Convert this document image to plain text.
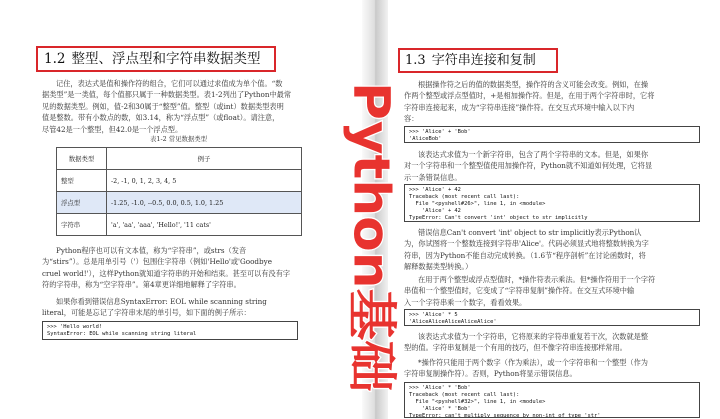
1.2 整型、浮点型和字符串数据类型
记住，表达式是值和操作符的组合，它们可以通过求值成为单个值。“数
据类型”是一类值，每个值都只属于一种数据类型。表1-2列出了Python中最常
见的数据类型。例如，值-2和30属于“整型”值。整型（或int）数据类型表明
值是整数。带有小数点的数，如3.14，称为“浮点型”（或float）。请注意，
尽管42是一个整型，但42.0是一个浮点型。
表1-2 常见数据类型
数据类型	例子
整型	-2, -1, 0, 1, 2, 3, 4, 5
浮点型	-1.25, -1.0, --0.5, 0.0, 0.5, 1.0, 1.25
字符串	'a', 'aa', 'aaa', 'Hello!', '11 cats'
Python程序也可以有文本值，称为“字符串”，或strs（发音
为“stirs”）。总是用单引号（'）包围住字符串（例如'Hello'或'Goodbye
cruel world!'），这样Python就知道字符串的开始和结束。甚至可以有没有字
符的字符串，称为“空字符串”。第4章更详细地解释了字符串。
如果你看到错误信息SyntaxError: EOL while scanning string
literal，可能是忘记了字符串末尾的单引号，如下面的例子所示：
>>> 'Hello world!
SyntaxError: EOL while scanning string literal
1.3 字符串连接和复制
根据操作符之后的值的数据类型，操作符的含义可能会改变。例如，在操
作两个整型或浮点型值时，+是相加操作符。但是，在用于两个字符串时，它将
字符串连接起来，成为“字符串连接”操作符。在交互式环境中输入以下内
容：
>>> 'Alice' + 'Bob'
'AliceBob'
该表达式求值为一个新字符串，包含了两个字符串的文本。但是，如果你
对一个字符串和一个整型值使用加操作符，Python就不知道如何处理，它将显
示一条错误信息。
>>> 'Alice' + 42
Traceback (most recent call last):
File "<pyshell#26>", line 1, in <module>
'Alice' + 42
TypeError: Can't convert 'int' object to str implicitly
错误信息Can't convert 'int' object to str implicitly表示Python认
为，你试图将一个整数连接到字符串'Alice'。代码必须显式地将整数转换为字
符串，因为Python不能自动完成转换。（1.6节“程序剖析”在讨论函数时，将
解释数据类型转换。）
在用于两个整型或浮点型值时，*操作符表示乘法。但*操作符用于一个字符
串值和一个整型值时，它变成了“字符串复制”操作符。在交互式环境中输
入一个字符串乘一个数字，看看效果。
>>> 'Alice' * 5
'AliceAliceAliceAliceAlice'
该表达式求值为一个字符串，它将原来的字符串重复若干次，次数就是整
型的值。字符串复制是一个有用的技巧，但不像字符串连接那样常用。
*操作符只能用于两个数字（作为乘法），或一个字符串和一个整型（作为
字符串复制操作符）。否则，Python将显示错误信息。
>>> 'Alice' * 'Bob'
Traceback (most recent call last):
File "<pyshell#32>", line 1, in <module>
'Alice' * 'Bob'
TypeError: can't multiply sequence by non-int of type 'str'
Python基础
